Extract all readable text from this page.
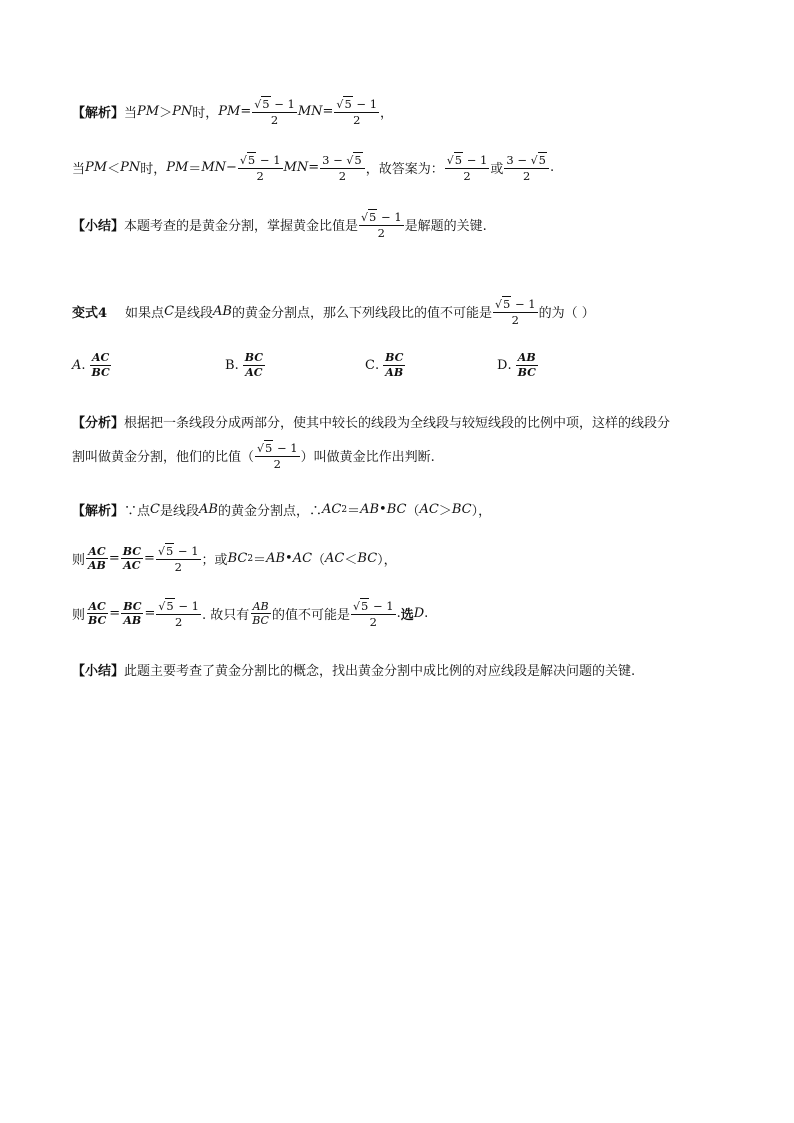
【解析】 当 PM ＞ PN 时， PM = $\frac{√5 - 1}{2}$ MN = $\frac{√5 - 1}{2}$ ，
当 PM ＜ PN 时， PM ＝ MN − $\frac{√5 - 1}{2}$ MN = $\frac{3 - √5}{2}$ ，故答案为： $\frac{√5 - 1}{2}$ 或 $\frac{3 - √5}{2}$ .
【小结】 本题考查的是黄金分割，掌握黄金比值是 $\frac{√5 - 1}{2}$ 是解题的关键.
变式4 如果点 C 是线段 AB 的黄金分割点，那么下列线段比的值不可能是 $\frac{√5 - 1}{2}$ 的为（ ）
A . $\frac{AC}{BC}$	B . $\frac{BC}{AC}$	C . $\frac{BC}{AB}$	D . $\frac{AB}{BC}$
【分析】 根据把一条线段分成两部分，使其中较长的线段为全线段与较短线段的比例中项，这样的线段分
割叫做黄金分割，他们的比值（ $\frac{√5 - 1}{2}$ ）叫做黄金比作出判断.
【解析】 ∵点 C 是线段 AB 的黄金分割点，∴ AC 2 ＝ AB • BC （ AC ＞ BC ），
则 $\frac{AC}{AB} = \frac{BC}{AC} = \frac{√5 - 1}{2}$ ；或 BC 2 ＝ AB • AC （ AC ＜ BC ），
则 $\frac{AC}{BC} = \frac{BC}{AB} = \frac{√5 - 1}{2}$ . 故只有 $\frac{AB}{BC}$ 的值不可能是 $\frac{√5 - 1}{2}$ . 选 D .
【小结】 此题主要考查了黄金分割比的概念，找出黄金分割中成比例的对应线段是解决问题的关键.
